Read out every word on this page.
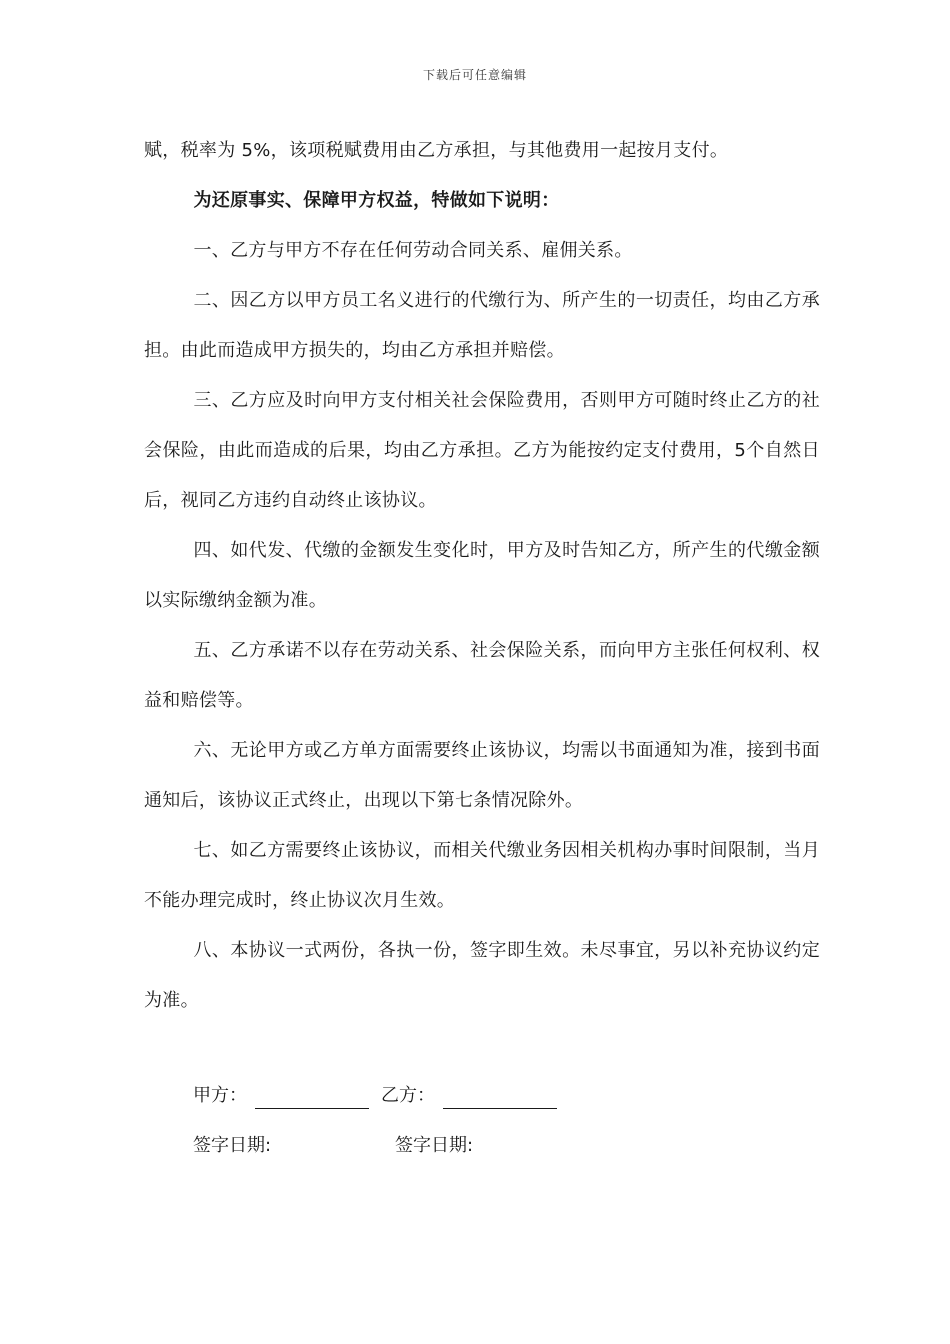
下载后可任意编辑

赋，税率为 5%，该项税赋费用由乙方承担，与其他费用一起按月支付。

为还原事实、保障甲方权益，特做如下说明：

一、乙方与甲方不存在任何劳动合同关系、雇佣关系。

二、因乙方以甲方员工名义进行的代缴行为、所产生的一切责任，均由乙方承担。由此而造成甲方损失的，均由乙方承担并赔偿。

三、乙方应及时向甲方支付相关社会保险费用，否则甲方可随时终止乙方的社会保险，由此而造成的后果，均由乙方承担。乙方为能按约定支付费用，5个自然日后，视同乙方违约自动终止该协议。

四、如代发、代缴的金额发生变化时，甲方及时告知乙方，所产生的代缴金额以实际缴纳金额为准。

五、乙方承诺不以存在劳动关系、社会保险关系，而向甲方主张任何权利、权益和赔偿等。

六、无论甲方或乙方单方面需要终止该协议，均需以书面通知为准，接到书面通知后，该协议正式终止，出现以下第七条情况除外。

七、如乙方需要终止该协议，而相关代缴业务因相关机构办事时间限制，当月不能办理完成时，终止协议次月生效。

八、本协议一式两份，各执一份，签字即生效。未尽事宜，另以补充协议约定为准。

甲方：	乙方：
签字日期:	签字日期:
